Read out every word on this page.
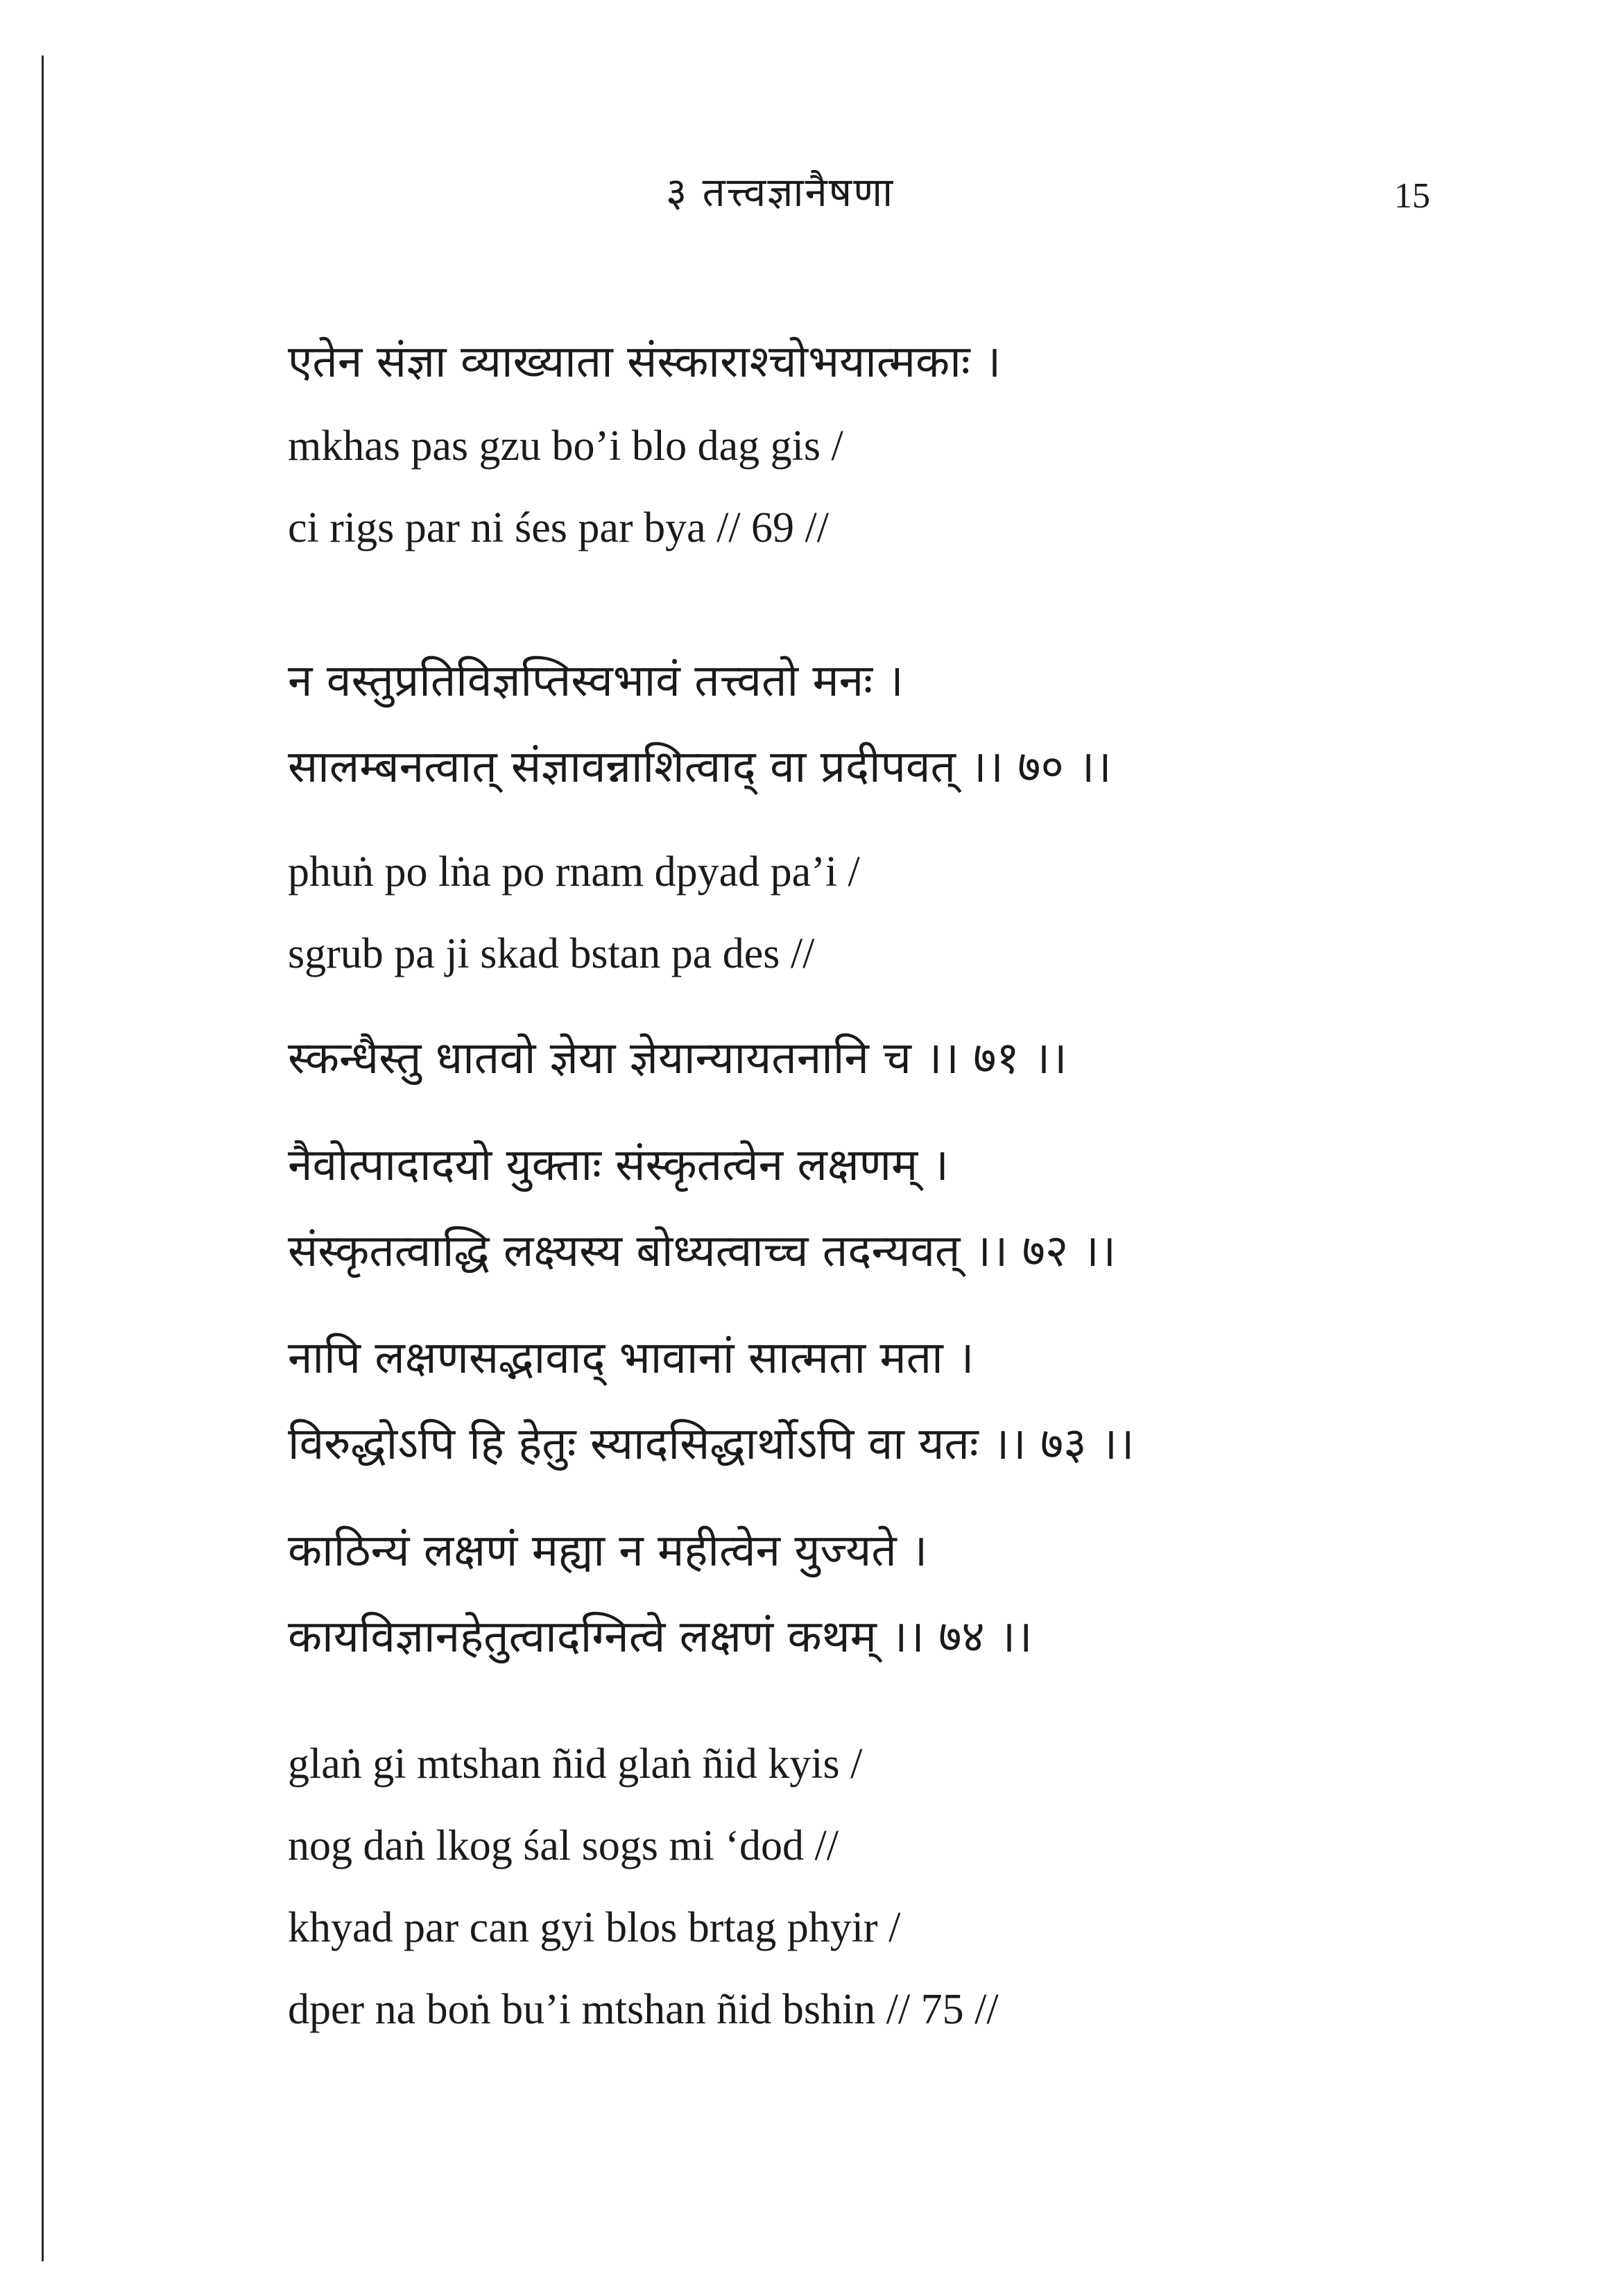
३ तत्त्वज्ञानैषणा	15
एतेन संज्ञा व्याख्याता संस्काराश्चोभयात्मकाः ।
mkhas pas gzu bo’i blo dag gis /
ci rigs par ni śes par bya // 69 //
न वस्तुप्रतिविज्ञप्तिस्वभावं तत्त्वतो मनः ।
सालम्बनत्वात् संज्ञावन्नाशित्वाद् वा प्रदीपवत् ।। ७० ।।
phuṅ po lṅa po rnam dpyad pa’i /
sgrub pa ji skad bstan pa des //
स्कन्धैस्तु धातवो ज्ञेया ज्ञेयान्यायतनानि च ।। ७१ ।।
नैवोत्पादादयो युक्ताः संस्कृतत्वेन लक्षणम् ।
संस्कृतत्वाद्धि लक्ष्यस्य बोध्यत्वाच्च तदन्यवत् ।। ७२ ।।
नापि लक्षणसद्भावाद् भावानां सात्मता मता ।
विरुद्धोऽपि हि हेतुः स्यादसिद्धार्थोऽपि वा यतः ।। ७३ ।।
काठिन्यं लक्षणं मह्या न महीत्वेन युज्यते ।
कायविज्ञानहेतुत्वादग्नित्वे लक्षणं कथम् ।। ७४ ।।
glaṅ gi mtshan ñid glaṅ ñid kyis /
nog daṅ lkog śal sogs mi ‘dod //
khyad par can gyi blos brtag phyir /
dper na boṅ bu’i mtshan ñid bshin // 75 //
